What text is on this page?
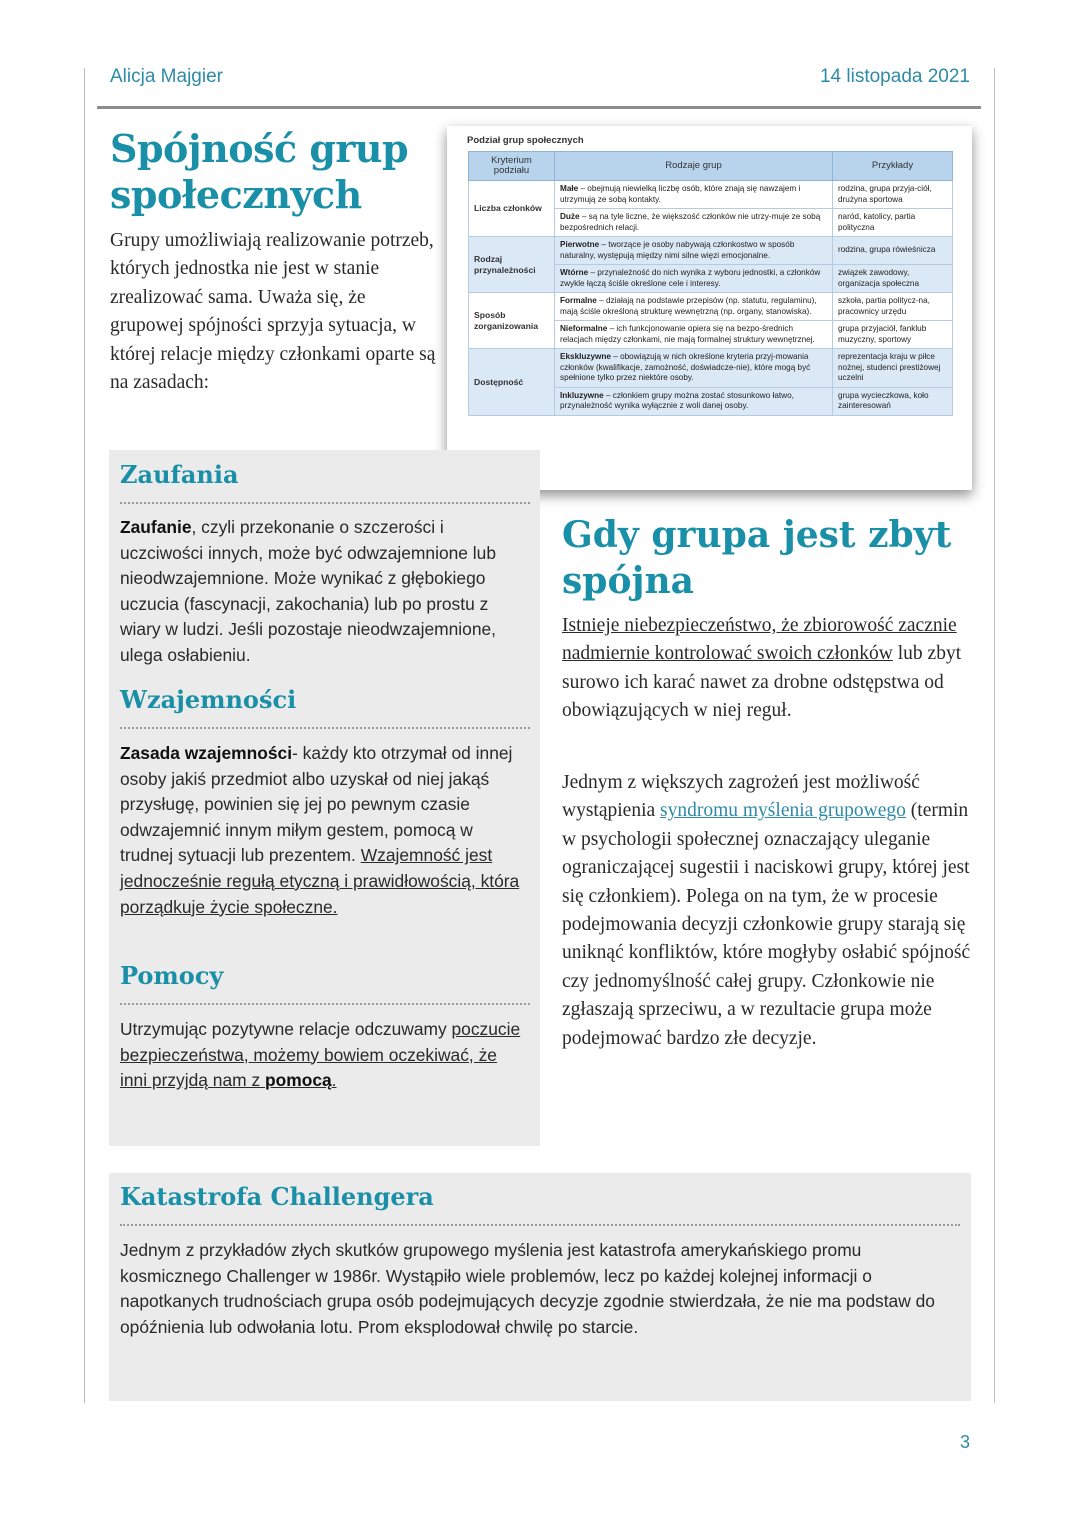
Alicja Majgier	14 listopada 2021
Spójność grup społecznych

Grupy umożliwiają realizowanie potrzeb, których jednostka nie jest w stanie zrealizować sama. Uważa się, że grupowej spójności sprzyja sytuacja, w której relacje między członkami oparte są na zasadach:

Podział grup społecznych
Kryterium podziału	Rodzaje grup	Przykłady
Liczba członków	Małe – obejmują niewielką liczbę osób, które znają się nawzajem i utrzymują ze sobą kontakty.	rodzina, grupa przyja-ciół, drużyna sportowa
	Duże – są na tyle liczne, że większość członków nie utrzy-muje ze sobą bezpośrednich relacji.	naród, katolicy, partia polityczna
Rodzaj przynależności	Pierwotne – tworzące je osoby nabywają członkostwo w sposób naturalny, występują między nimi silne więzi emocjonalne.	rodzina, grupa rówieśnicza
	Wtórne – przynależność do nich wynika z wyboru jednostki, a członków zwykle łączą ściśle określone cele i interesy.	związek zawodowy, organizacja społeczna
Sposób zorganizowania	Formalne – działają na podstawie przepisów (np. statutu, regulaminu), mają ściśle określoną strukturę wewnętrzną (np. organy, stanowiska).	szkoła, partia politycz-na, pracownicy urzędu
	Nieformalne – ich funkcjonowanie opiera się na bezpo-średnich relacjach między członkami, nie mają formalnej struktury wewnętrznej.	grupa przyjaciół, fanklub muzyczny, sportowy
Dostępność	Ekskluzywne – obowiązują w nich określone kryteria przyj-mowania członków (kwalifikacje, zamożność, doświadcze-nie), które mogą być spełnione tylko przez niektóre osoby.	reprezentacja kraju w piłce nożnej, studenci prestiżowej uczelni
	Inkluzywne – członkiem grupy można zostać stosunkowo łatwo, przynależność wynika wyłącznie z woli danej osoby.	grupa wycieczkowa, koło zainteresowań
Zaufania

Zaufanie, czyli przekonanie o szczerości i uczciwości innych, może być odwzajemnione lub nieodwzajemnione. Może wynikać z głębokiego uczucia (fascynacji, zakochania) lub po prostu z wiary w ludzi. Jeśli pozostaje nieodwzajemnione, ulega osłabieniu.

Wzajemności

Zasada wzajemności- każdy kto otrzymał od innej osoby jakiś przedmiot albo uzyskał od niej jakąś przysługę, powinien się jej po pewnym czasie odwzajemnić innym miłym gestem, pomocą w trudnej sytuacji lub prezentem. Wzajemność jest jednocześnie regułą etyczną i prawidłowością, która porządkuje życie społeczne.

Pomocy

Utrzymując pozytywne relacje odczuwamy poczucie bezpieczeństwa, możemy bowiem oczekiwać, że inni przyjdą nam z pomocą.

Gdy grupa jest zbyt spójna

Istnieje niebezpieczeństwo, że zbiorowość zacznie nadmiernie kontrolować swoich członków lub zbyt surowo ich karać nawet za drobne odstępstwa od obowiązujących w niej reguł.

Jednym z większych zagrożeń jest możliwość wystąpienia syndromu myślenia grupowego (termin w psychologii społecznej oznaczający uleganie ograniczającej sugestii i naciskowi grupy, której jest się członkiem). Polega on na tym, że w procesie podejmowania decyzji członkowie grupy starają się uniknąć konfliktów, które mogłyby osłabić spójność czy jednomyślność całej grupy. Członkowie nie zgłaszają sprzeciwu, a w rezultacie grupa może podejmować bardzo złe decyzje.

Katastrofa Challengera

Jednym z przykładów złych skutków grupowego myślenia jest katastrofa amerykańskiego promu kosmicznego Challenger w 1986r. Wystąpiło wiele problemów, lecz po każdej kolejnej informacji o napotkanych trudnościach grupa osób podejmujących decyzje zgodnie stwierdzała, że nie ma podstaw do opóźnienia lub odwołania lotu. Prom eksplodował chwilę po starcie.

3
